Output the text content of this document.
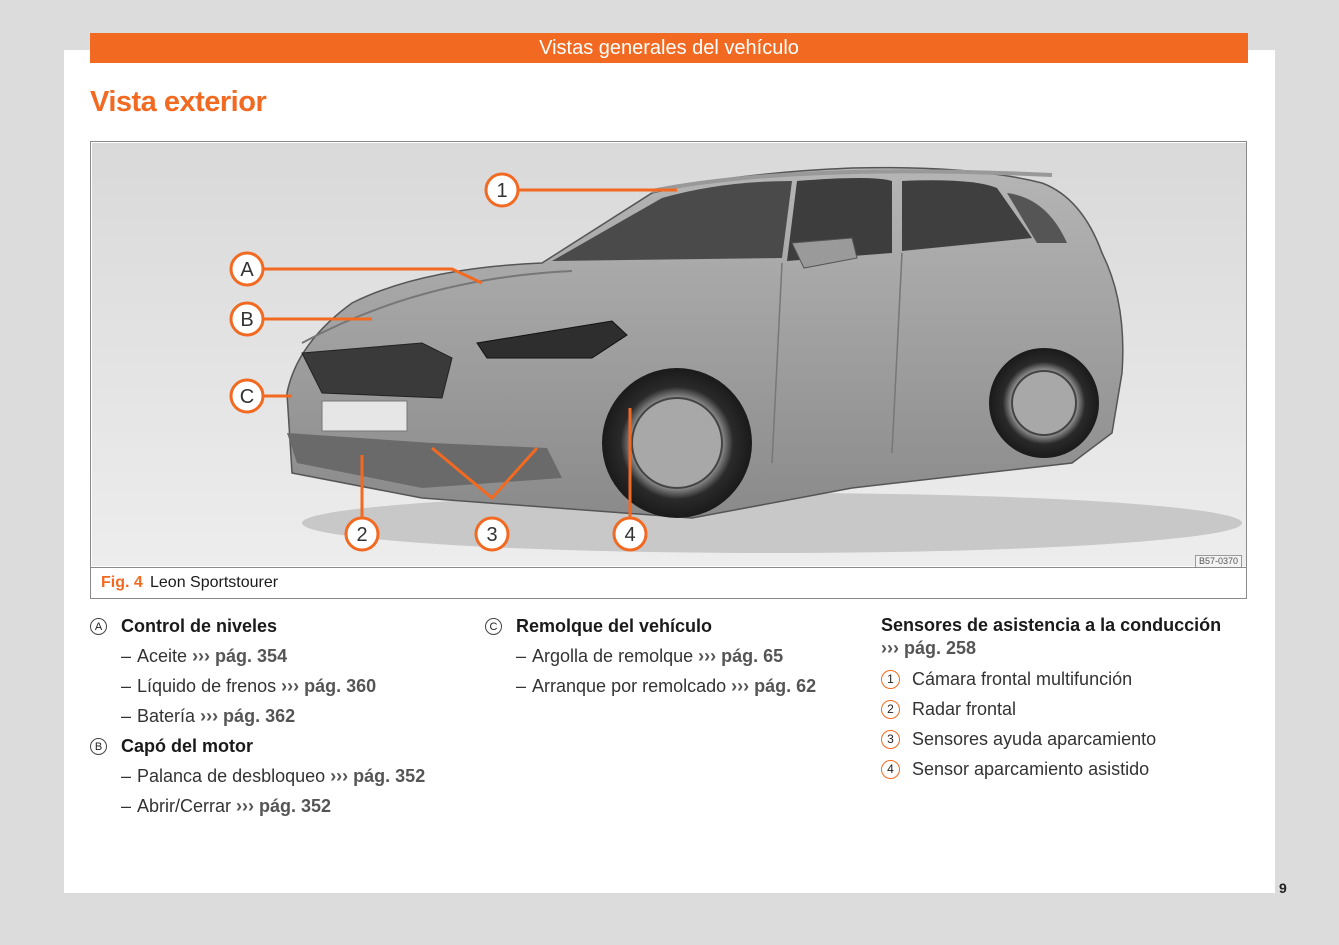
Vistas generales del vehículo
Vista exterior
1
A
B
C
2	3	4
B57-0370
Fig. 4 Leon Sportstourer
A Control de niveles
– Aceite ››› pág. 354
– Líquido de frenos ››› pág. 360
– Batería ››› pág. 362
B Capó del motor
– Palanca de desbloqueo ››› pág. 352
– Abrir/Cerrar ››› pág. 352
C Remolque del vehículo
– Argolla de remolque ››› pág. 65
– Arranque por remolcado ››› pág. 62
Sensores de asistencia a la conducción
››› pág. 258
1	Cámara frontal multifunción
2	Radar frontal
3	Sensores ayuda aparcamiento
4	Sensor aparcamiento asistido
9
